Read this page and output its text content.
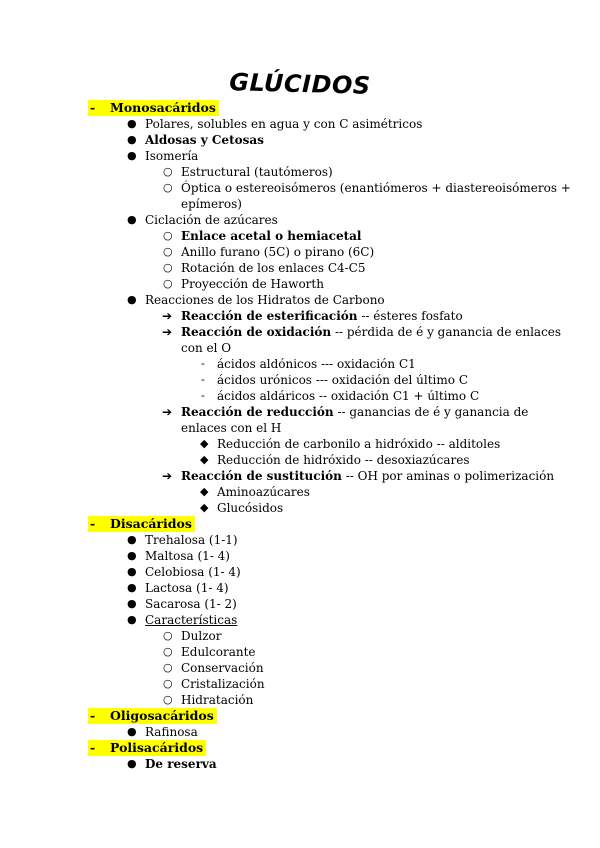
GLÚCIDOS
- Monosacáridos
● Polares, solubles en agua y con C asimétricos
● Aldosas y Cetosas
● Isomería
○ Estructural (tautómeros)
○ Óptica o estereoisómeros (enantiómeros + diastereoisómeros +
epímeros)
● Ciclación de azúcares
○ Enlace acetal o hemiacetal
○ Anillo furano (5C) o pirano (6C)
○ Rotación de los enlaces C4-C5
○ Proyección de Haworth
● Reacciones de los Hidratos de Carbono
➔ Reacción de esterificación -- ésteres fosfato
➔ Reacción de oxidación -- pérdida de é y ganancia de enlaces
con el O
- ácidos aldónicos --- oxidación C1
- ácidos urónicos --- oxidación del último C
- ácidos aldáricos -- oxidación C1 + último C
➔ Reacción de reducción -- ganancias de é y ganancia de
enlaces con el H
◆ Reducción de carbonilo a hidróxido -- alditoles
◆ Reducción de hidróxido -- desoxiazúcares
➔ Reacción de sustitución -- OH por aminas o polimerización
◆ Aminoazúcares
◆ Glucósidos
- Disacáridos
● Trehalosa (1-1)
● Maltosa (1- 4)
● Celobiosa (1- 4)
● Lactosa (1- 4)
● Sacarosa (1- 2)
● Características
○ Dulzor
○ Edulcorante
○ Conservación
○ Cristalización
○ Hidratación
- Oligosacáridos
● Rafinosa
- Polisacáridos
● De reserva
